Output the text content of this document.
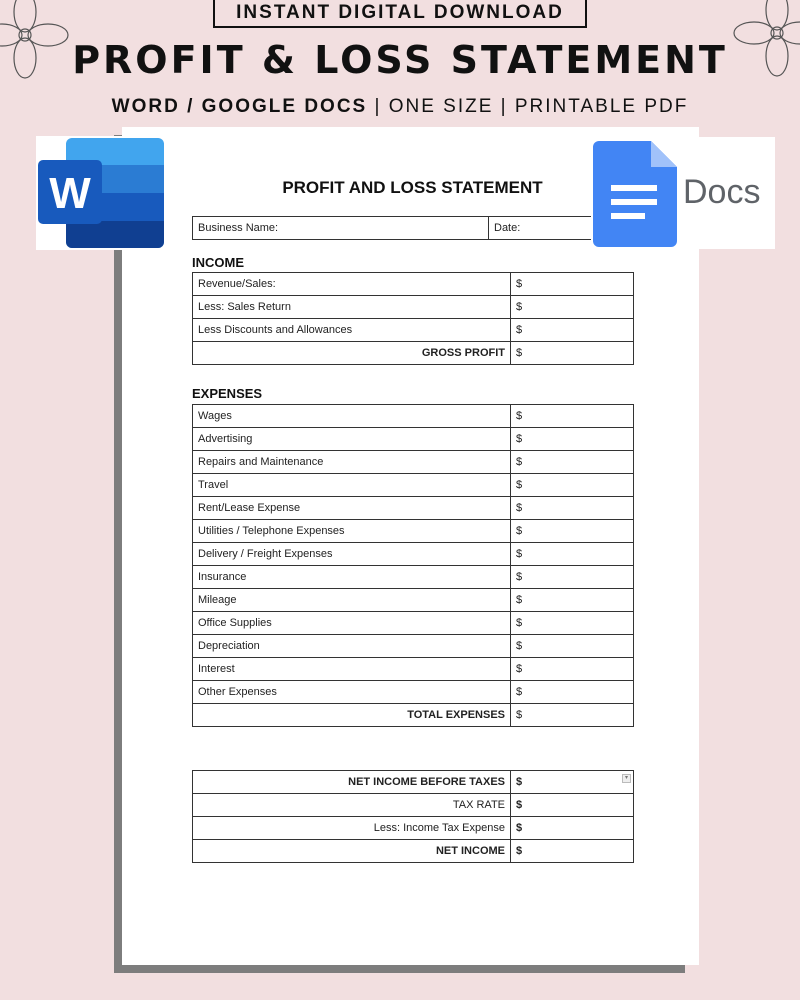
INSTANT DIGITAL DOWNLOAD
PROFIT & LOSS STATEMENT
WORD / GOOGLE DOCS | ONE SIZE | PRINTABLE PDF
PROFIT AND LOSS STATEMENT
Business Name:	Date:
INCOME
Revenue/Sales:	$
Less: Sales Return	$
Less Discounts and Allowances	$
GROSS PROFIT	$
EXPENSES
Wages	$
Advertising	$
Repairs and Maintenance	$
Travel	$
Rent/Lease Expense	$
Utilities / Telephone Expenses	$
Delivery / Freight Expenses	$
Insurance	$
Mileage	$
Office Supplies	$
Depreciation	$
Interest	$
Other Expenses	$
TOTAL EXPENSES	$
NET INCOME BEFORE TAXES	$ ▾

TAX RATE	$
Less: Income Tax Expense	$
NET INCOME	$
W	Docs
